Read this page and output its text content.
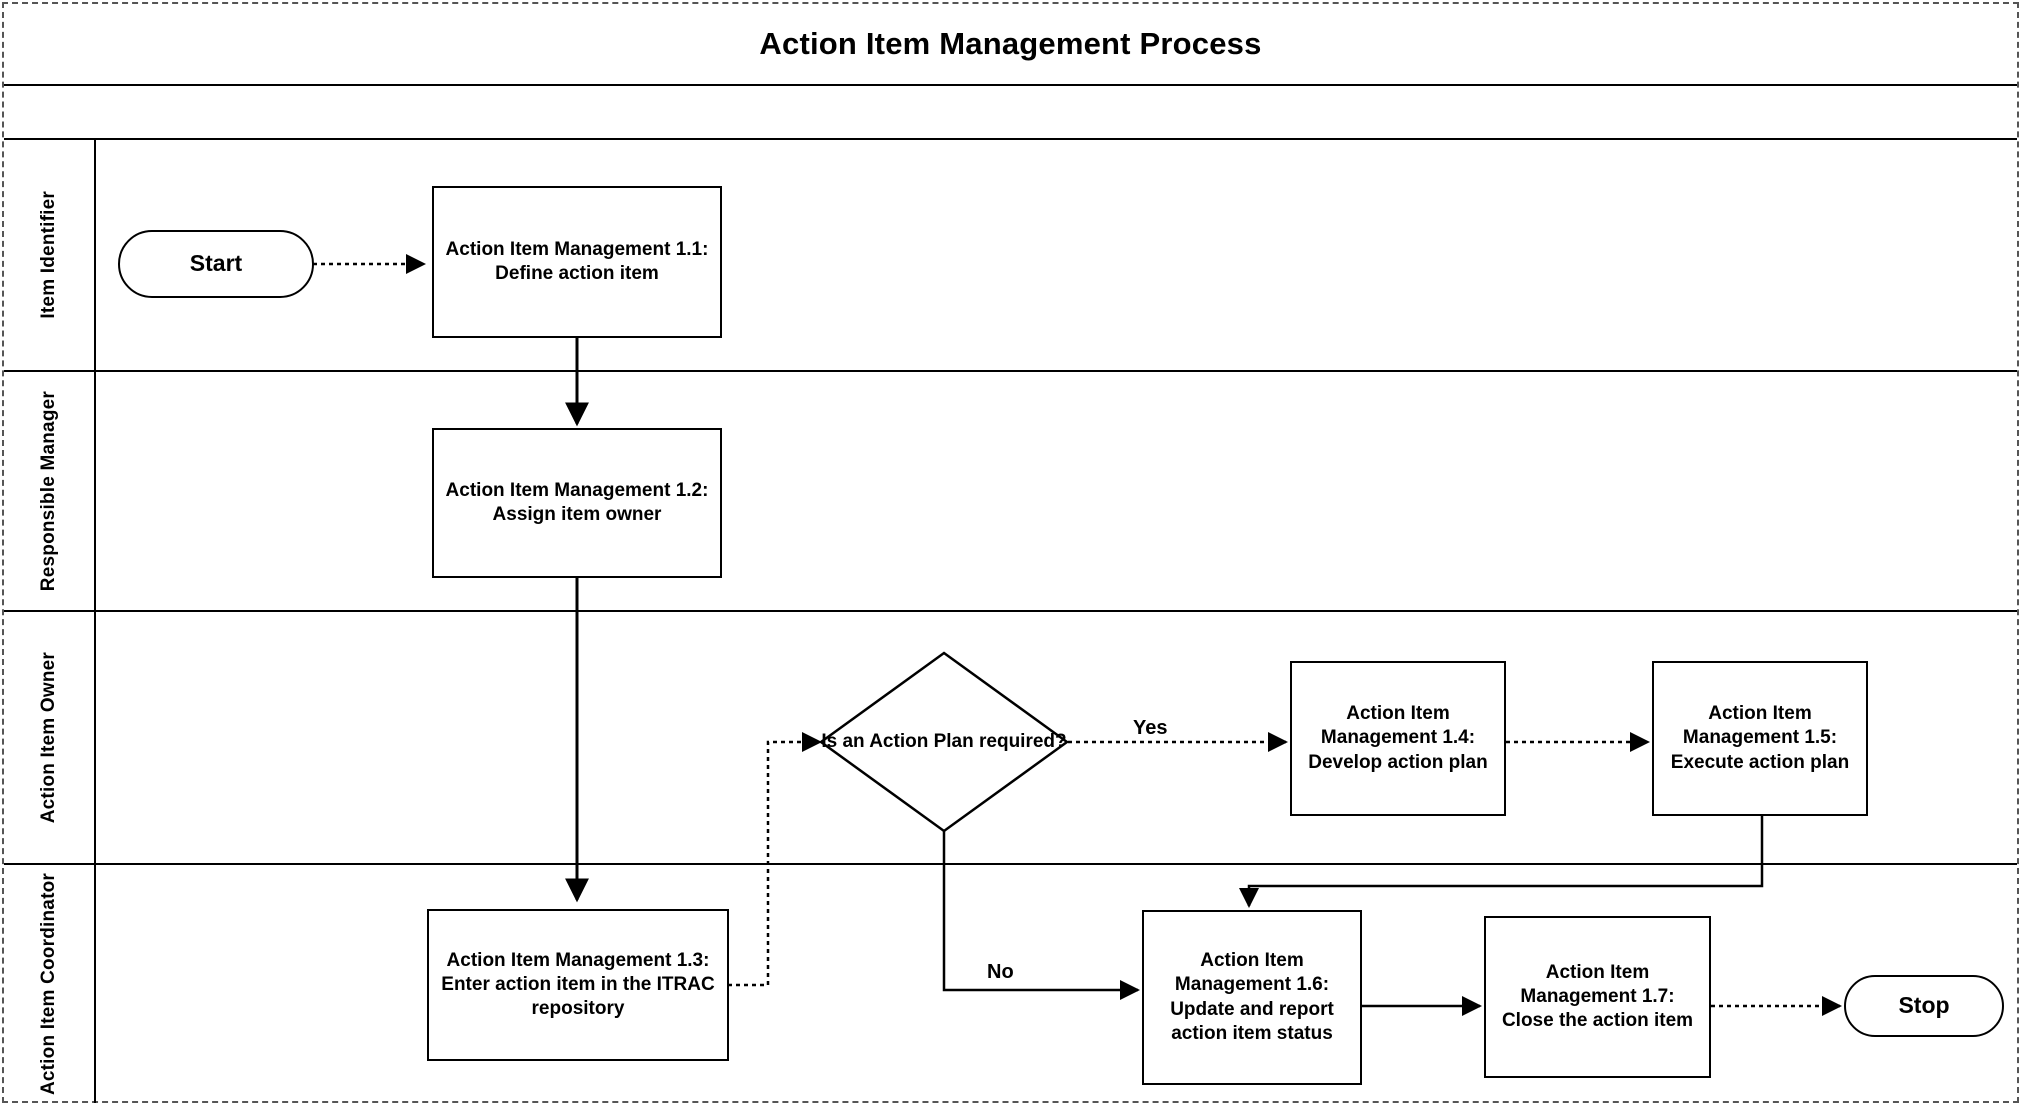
Action Item Management Process
Item Identifier
Responsible Manager
Action Item Owner
Action Item Coordinator
Start
Action Item Management 1.1: Define action item
Action Item Management 1.2: Assign item owner
Action Item Management 1.3: Enter action item in the ITRAC repository
Is an Action Plan required?
Action Item Management 1.4: Develop action plan
Action Item Management 1.5: Execute action plan
Action Item Management 1.6: Update and report action item status
Action Item Management 1.7: Close the action item
Stop
Yes
No
